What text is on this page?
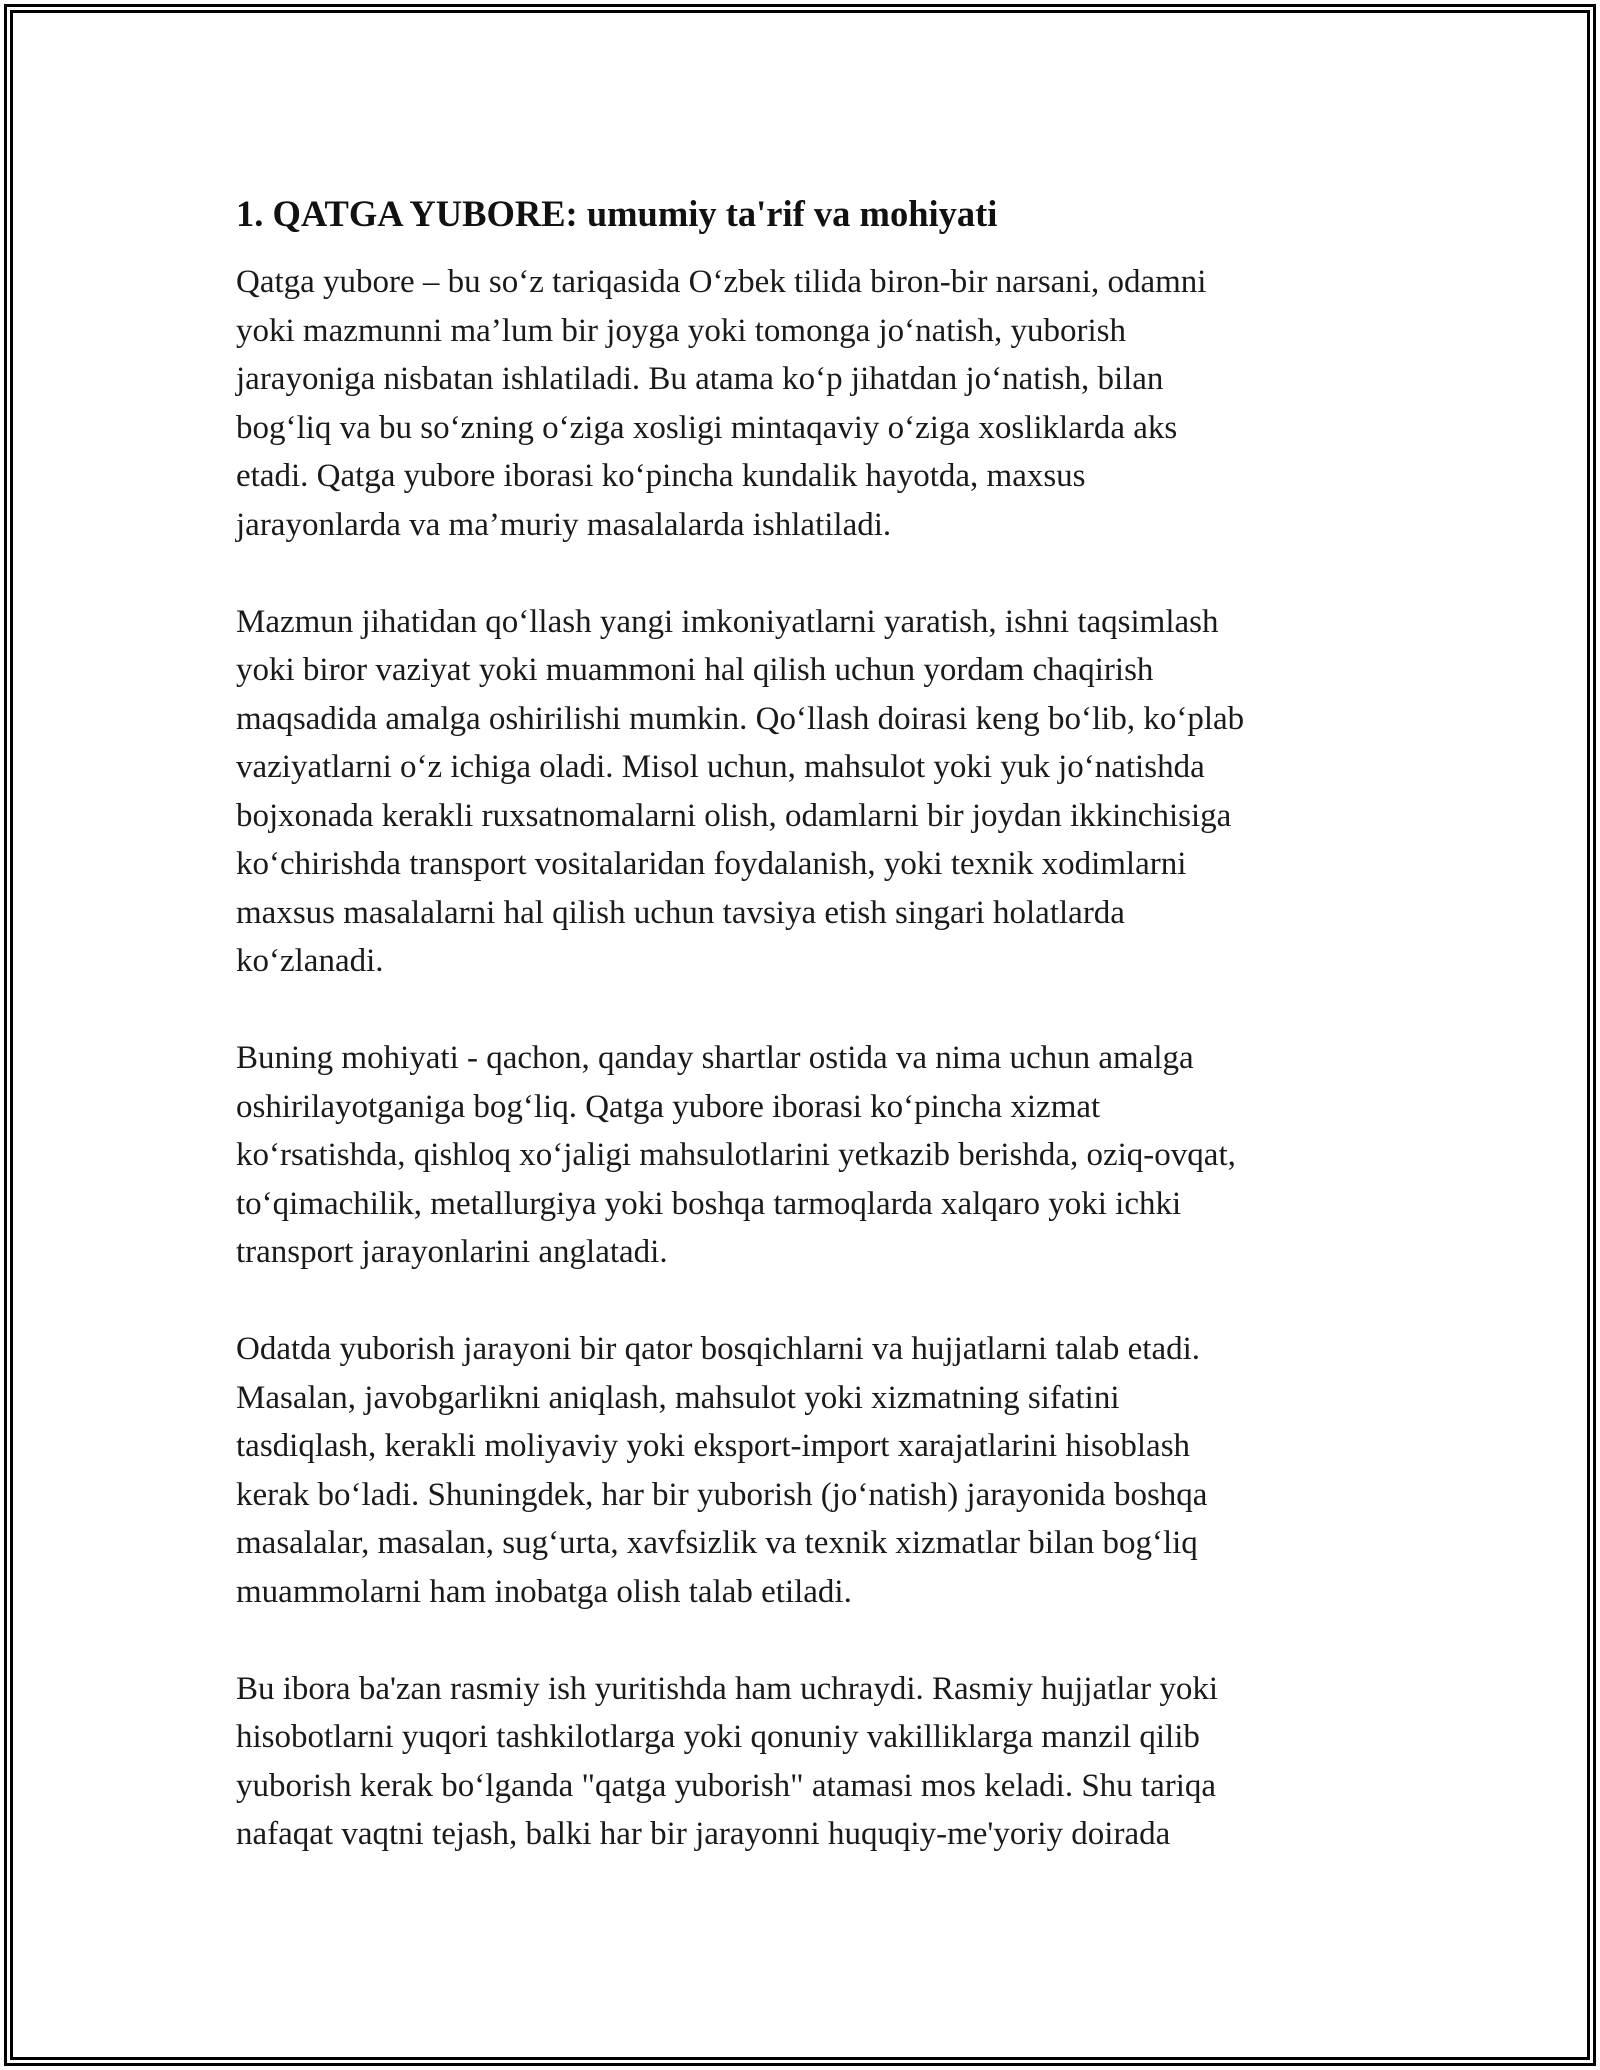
1. QATGA YUBORE: umumiy ta'rif va mohiyati

Qatga yubore – bu so‘z tariqasida O‘zbek tilida biron-bir narsani, odamni
yoki mazmunni ma’lum bir joyga yoki tomonga jo‘natish, yuborish
jarayoniga nisbatan ishlatiladi. Bu atama ko‘p jihatdan jo‘natish, bilan
bog‘liq va bu so‘zning o‘ziga xosligi mintaqaviy o‘ziga xosliklarda aks
etadi. Qatga yubore iborasi ko‘pincha kundalik hayotda, maxsus
jarayonlarda va ma’muriy masalalarda ishlatiladi.

Mazmun jihatidan qo‘llash yangi imkoniyatlarni yaratish, ishni taqsimlash
yoki biror vaziyat yoki muammoni hal qilish uchun yordam chaqirish
maqsadida amalga oshirilishi mumkin. Qo‘llash doirasi keng bo‘lib, ko‘plab
vaziyatlarni o‘z ichiga oladi. Misol uchun, mahsulot yoki yuk jo‘natishda
bojxonada kerakli ruxsatnomalarni olish, odamlarni bir joydan ikkinchisiga
ko‘chirishda transport vositalaridan foydalanish, yoki texnik xodimlarni
maxsus masalalarni hal qilish uchun tavsiya etish singari holatlarda
ko‘zlanadi.

Buning mohiyati - qachon, qanday shartlar ostida va nima uchun amalga
oshirilayotganiga bog‘liq. Qatga yubore iborasi ko‘pincha xizmat
ko‘rsatishda, qishloq xo‘jaligi mahsulotlarini yetkazib berishda, oziq-ovqat,
to‘qimachilik, metallurgiya yoki boshqa tarmoqlarda xalqaro yoki ichki
transport jarayonlarini anglatadi.

Odatda yuborish jarayoni bir qator bosqichlarni va hujjatlarni talab etadi.
Masalan, javobgarlikni aniqlash, mahsulot yoki xizmatning sifatini
tasdiqlash, kerakli moliyaviy yoki eksport-import xarajatlarini hisoblash
kerak bo‘ladi. Shuningdek, har bir yuborish (jo‘natish) jarayonida boshqa
masalalar, masalan, sug‘urta, xavfsizlik va texnik xizmatlar bilan bog‘liq
muammolarni ham inobatga olish talab etiladi.

Bu ibora ba'zan rasmiy ish yuritishda ham uchraydi. Rasmiy hujjatlar yoki
hisobotlarni yuqori tashkilotlarga yoki qonuniy vakilliklarga manzil qilib
yuborish kerak bo‘lganda "qatga yuborish" atamasi mos keladi. Shu tariqa
nafaqat vaqtni tejash, balki har bir jarayonni huquqiy-me'yoriy doirada
